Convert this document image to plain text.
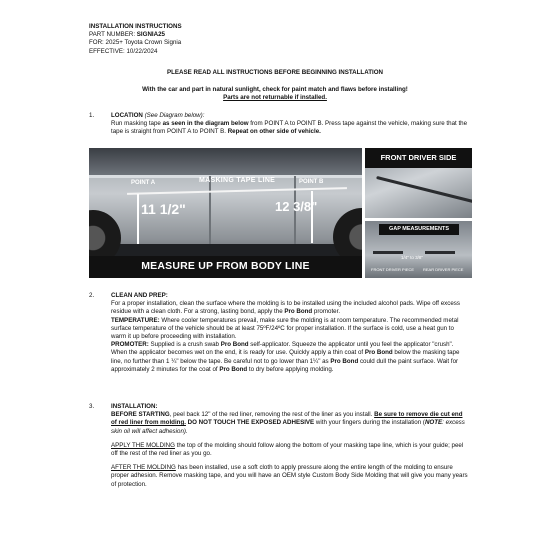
INSTALLATION INSTRUCTIONS
PART NUMBER: SIGNIA25
FOR: 2025+ Toyota Crown Signia
EFFECTIVE: 10/22/2024
PLEASE READ ALL INSTRUCTIONS BEFORE BEGINNING INSTALLATION
With the car and part in natural sunlight, check for paint match and flaws before installing!
Parts are not returnable if installed.
1.	LOCATION (See Diagram below):
Run masking tape as seen in the diagram below from POINT A to POINT B. Press tape against the vehicle, making sure that the tape is straight from POINT A to POINT B. Repeat on other side of vehicle.

POINT A	MASKING TAPE LINE	POINT B
11 1/2"	12 3/8"
MEASURE UP FROM BODY LINE
FRONT DRIVER SIDE
GAP MEASUREMENTS
1/4" to 3/8"
FRONT DRIVER PIECE REAR DRIVER PIECE
2.	CLEAN AND PREP:
For a proper installation, clean the surface where the molding is to be installed using the included alcohol pads. Wipe off excess residue with a clean cloth. For a strong, lasting bond, apply the Pro Bond promoter.
TEMPERATURE: Where cooler temperatures prevail, make sure the molding is at room temperature. The recommended metal surface temperature of the vehicle should be at least 75ºF/24ºC for proper installation. If the surface is cold, use a heat gun to warm it up before proceeding with installation.
PROMOTER: Supplied is a crush swab Pro Bond self-applicator. Squeeze the applicator until you feel the applicator "crush". When the applicator becomes wet on the end, it is ready for use. Quickly apply a thin coat of Pro Bond below the masking tape line, no further than 1 ¼" below the tape. Be careful not to go lower than 1¼" as Pro Bond could dull the paint surface. Wait for approximately 2 minutes for the coat of Pro Bond to dry before applying molding.

3.	INSTALLATION:
BEFORE STARTING, peel back 12" of the red liner, removing the rest of the liner as you install. Be sure to remove die cut end of red liner from molding. DO NOT TOUCH THE EXPOSED ADHESIVE with your fingers during the installation (NOTE: excess skin oil will affect adhesion).

APPLY THE MOLDING the top of the molding should follow along the bottom of your masking tape line, which is your guide; peel off the rest of the red liner as you go.

AFTER THE MOLDING has been installed, use a soft cloth to apply pressure along the entire length of the molding to ensure proper adhesion. Remove masking tape, and you will have an OEM style Custom Body Side Molding that will give you many years of protection.
